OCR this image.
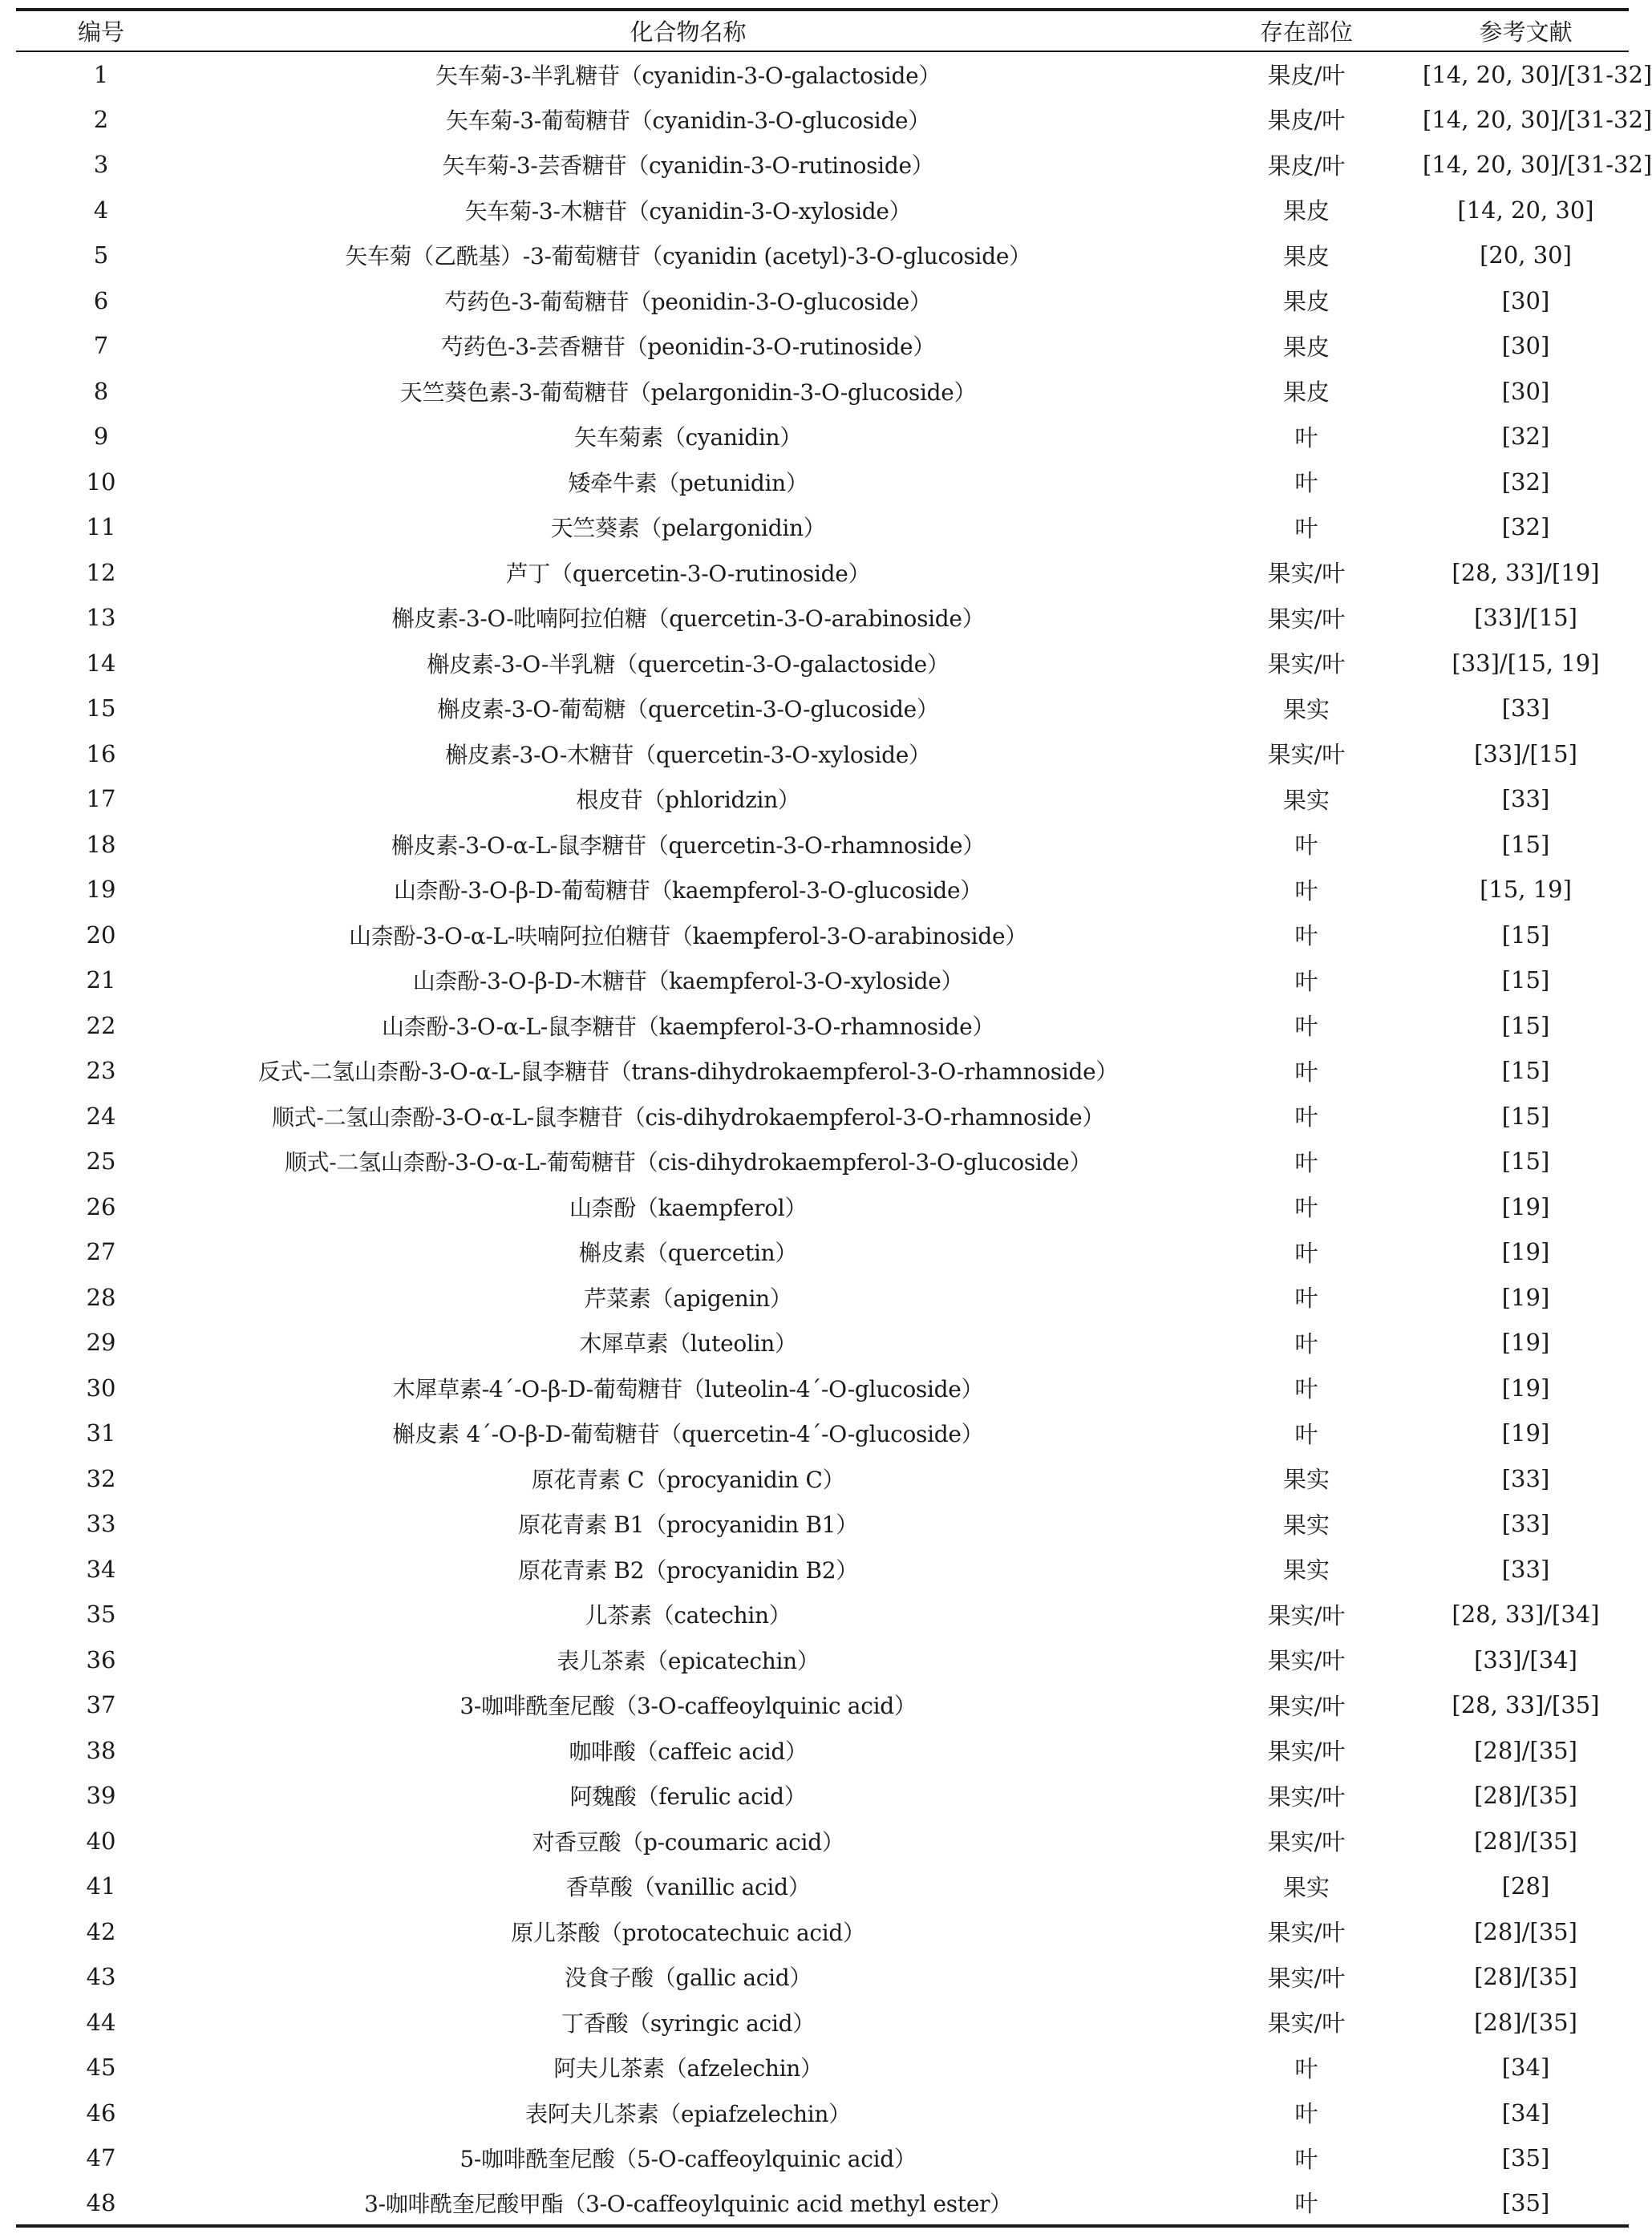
编号	化合物名称	存在部位	参考文献
1	矢车菊-3-半乳糖苷（cyanidin-3-O-galactoside）	果皮/叶	[14, 20, 30]/[31-32]
2	矢车菊-3-葡萄糖苷（cyanidin-3-O-glucoside）	果皮/叶	[14, 20, 30]/[31-32]
3	矢车菊-3-芸香糖苷（cyanidin-3-O-rutinoside）	果皮/叶	[14, 20, 30]/[31-32]
4	矢车菊-3-木糖苷（cyanidin-3-O-xyloside）	果皮	[14, 20, 30]
5	矢车菊（乙酰基）-3-葡萄糖苷（cyanidin (acetyl)-3-O-glucoside）	果皮	[20, 30]
6	芍药色-3-葡萄糖苷（peonidin-3-O-glucoside）	果皮	[30]
7	芍药色-3-芸香糖苷（peonidin-3-O-rutinoside）	果皮	[30]
8	天竺葵色素-3-葡萄糖苷（pelargonidin-3-O-glucoside）	果皮	[30]
9	矢车菊素（cyanidin）	叶	[32]
10	矮牵牛素（petunidin）	叶	[32]
11	天竺葵素（pelargonidin）	叶	[32]
12	芦丁（quercetin-3-O-rutinoside）	果实/叶	[28, 33]/[19]
13	槲皮素-3-O-吡喃阿拉伯糖（quercetin-3-O-arabinoside）	果实/叶	[33]/[15]
14	槲皮素-3-O-半乳糖（quercetin-3-O-galactoside）	果实/叶	[33]/[15, 19]
15	槲皮素-3-O-葡萄糖（quercetin-3-O-glucoside）	果实	[33]
16	槲皮素-3-O-木糖苷（quercetin-3-O-xyloside）	果实/叶	[33]/[15]
17	根皮苷（phloridzin）	果实	[33]
18	槲皮素-3-O-α-L-鼠李糖苷（quercetin-3-O-rhamnoside）	叶	[15]
19	山柰酚-3-O-β-D-葡萄糖苷（kaempferol-3-O-glucoside）	叶	[15, 19]
20	山柰酚-3-O-α-L-呋喃阿拉伯糖苷（kaempferol-3-O-arabinoside）	叶	[15]
21	山柰酚-3-O-β-D-木糖苷（kaempferol-3-O-xyloside）	叶	[15]
22	山柰酚-3-O-α-L-鼠李糖苷（kaempferol-3-O-rhamnoside）	叶	[15]
23	反式-二氢山柰酚-3-O-α-L-鼠李糖苷（trans-dihydrokaempferol-3-O-rhamnoside）	叶	[15]
24	顺式-二氢山柰酚-3-O-α-L-鼠李糖苷（cis-dihydrokaempferol-3-O-rhamnoside）	叶	[15]
25	顺式-二氢山柰酚-3-O-α-L-葡萄糖苷（cis-dihydrokaempferol-3-O-glucoside）	叶	[15]
26	山柰酚（kaempferol）	叶	[19]
27	槲皮素（quercetin）	叶	[19]
28	芹菜素（apigenin）	叶	[19]
29	木犀草素（luteolin）	叶	[19]
30	木犀草素-4´-O-β-D-葡萄糖苷（luteolin-4´-O-glucoside）	叶	[19]
31	槲皮素 4´-O-β-D-葡萄糖苷（quercetin-4´-O-glucoside）	叶	[19]
32	原花青素 C（procyanidin C）	果实	[33]
33	原花青素 B1（procyanidin B1）	果实	[33]
34	原花青素 B2（procyanidin B2）	果实	[33]
35	儿茶素（catechin）	果实/叶	[28, 33]/[34]
36	表儿茶素（epicatechin）	果实/叶	[33]/[34]
37	3-咖啡酰奎尼酸（3-O-caffeoylquinic acid）	果实/叶	[28, 33]/[35]
38	咖啡酸（caffeic acid）	果实/叶	[28]/[35]
39	阿魏酸（ferulic acid）	果实/叶	[28]/[35]
40	对香豆酸（p-coumaric acid）	果实/叶	[28]/[35]
41	香草酸（vanillic acid）	果实	[28]
42	原儿茶酸（protocatechuic acid）	果实/叶	[28]/[35]
43	没食子酸（gallic acid）	果实/叶	[28]/[35]
44	丁香酸（syringic acid）	果实/叶	[28]/[35]
45	阿夫儿茶素（afzelechin）	叶	[34]
46	表阿夫儿茶素（epiafzelechin）	叶	[34]
47	5-咖啡酰奎尼酸（5-O-caffeoylquinic acid）	叶	[35]
48	3-咖啡酰奎尼酸甲酯（3-O-caffeoylquinic acid methyl ester）	叶	[35]
